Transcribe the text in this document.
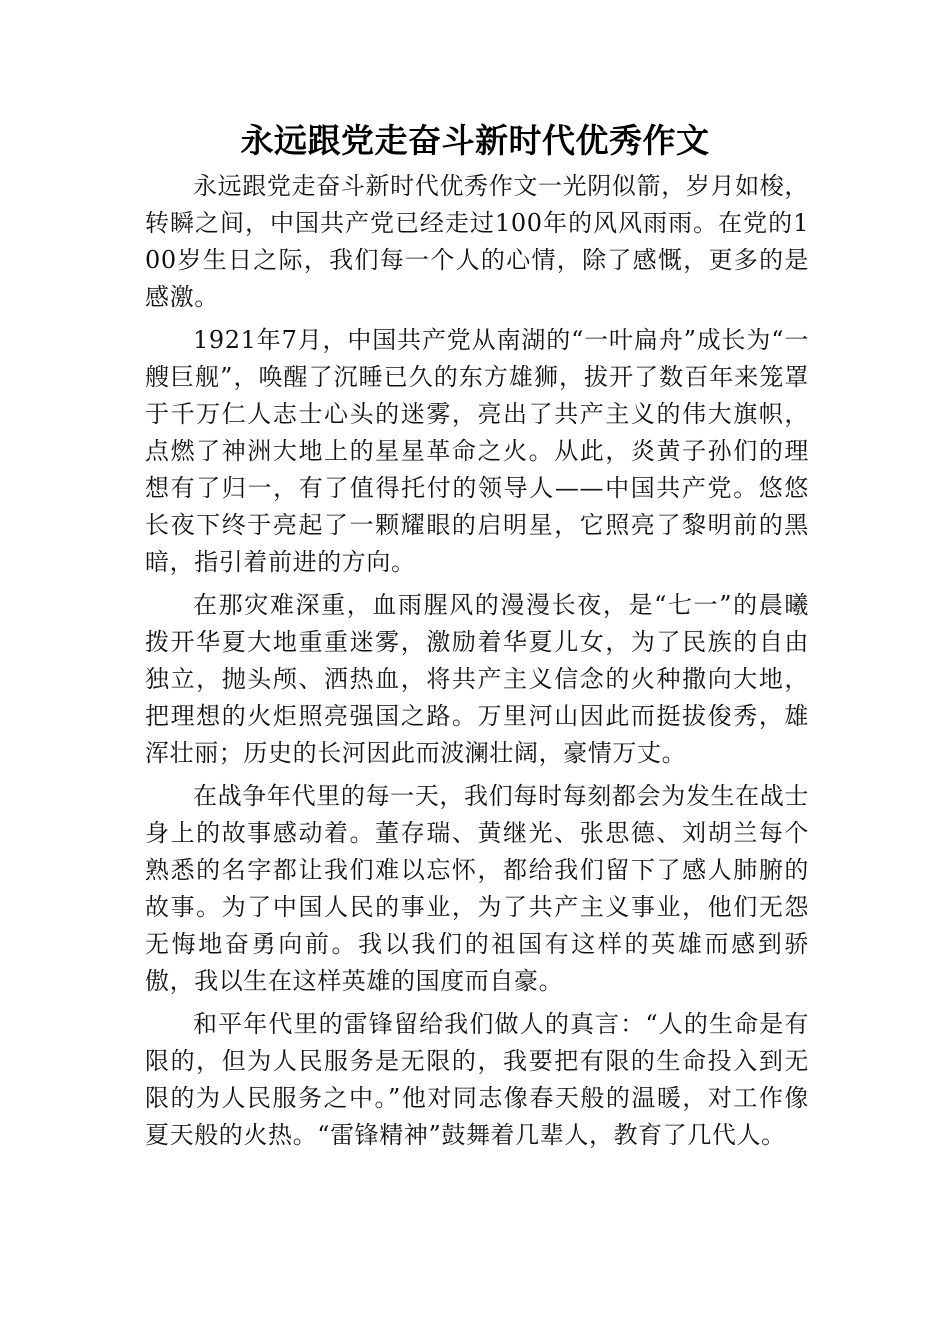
永远跟党走奋斗新时代优秀作文

永远跟党走奋斗新时代优秀作文一光阴似箭，岁月如梭，转瞬之间，中国共产党已经走过100年的风风雨雨。在党的100岁生日之际，我们每一个人的心情，除了感慨，更多的是感激。

1921年7月，中国共产党从南湖的“一叶扁舟”成长为“一艘巨舰”，唤醒了沉睡已久的东方雄狮，拔开了数百年来笼罩于千万仁人志士心头的迷雾，亮出了共产主义的伟大旗帜，点燃了神洲大地上的星星革命之火。从此，炎黄子孙们的理想有了归一，有了值得托付的领导人——中国共产党。悠悠长夜下终于亮起了一颗耀眼的启明星，它照亮了黎明前的黑暗，指引着前进的方向。

在那灾难深重，血雨腥风的漫漫长夜，是“七一”的晨曦拨开华夏大地重重迷雾，激励着华夏儿女，为了民族的自由独立，抛头颅、洒热血，将共产主义信念的火种撒向大地，把理想的火炬照亮强国之路。万里河山因此而挺拔俊秀，雄浑壮丽；历史的长河因此而波澜壮阔，豪情万丈。

在战争年代里的每一天，我们每时每刻都会为发生在战士身上的故事感动着。董存瑞、黄继光、张思德、刘胡兰每个熟悉的名字都让我们难以忘怀，都给我们留下了感人肺腑的故事。为了中国人民的事业，为了共产主义事业，他们无怨无悔地奋勇向前。我以我们的祖国有这样的英雄而感到骄傲，我以生在这样英雄的国度而自豪。

和平年代里的雷锋留给我们做人的真言：“人的生命是有限的，但为人民服务是无限的，我要把有限的生命投入到无限的为人民服务之中。”他对同志像春天般的温暖，对工作像夏天般的火热。“雷锋精神”鼓舞着几辈人，教育了几代人。
